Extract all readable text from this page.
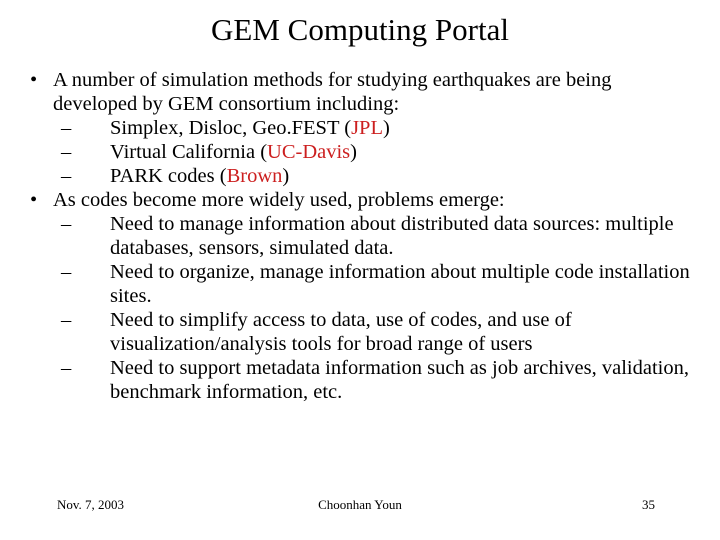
GEM Computing Portal
• A number of simulation methods for studying earthquakes are being developed by GEM consortium including:
– Simplex, Disloc, Geo.FEST (JPL)
– Virtual California (UC-Davis)
– PARK codes (Brown)
• As codes become more widely used, problems emerge:
– Need to manage information about distributed data sources: multiple databases, sensors, simulated data.
– Need to organize, manage information about multiple code installation sites.
– Need to simplify access to data, use of codes, and use of visualization/analysis tools for broad range of users
– Need to support metadata information such as job archives, validation, benchmark information, etc.
Nov. 7, 2003	Choonhan Youn	35
